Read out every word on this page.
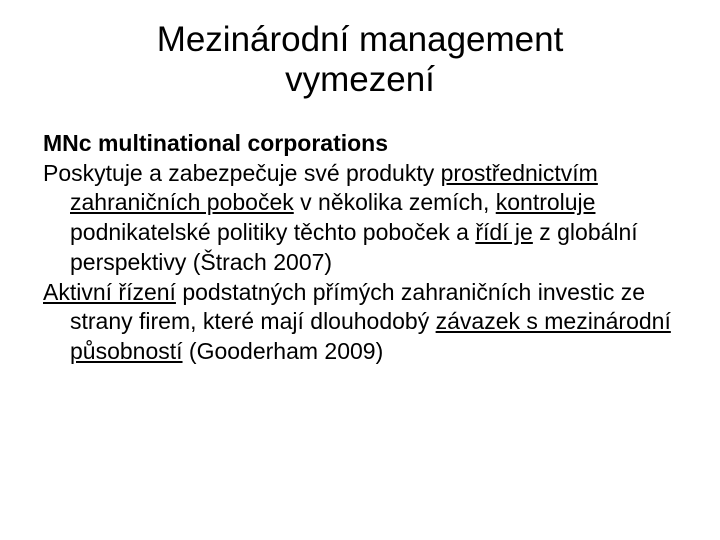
Mezinárodní management
vymezení

MNc multinational corporations

Poskytuje a zabezpečuje své produkty prostřednictvím zahraničních poboček v několika zemích, kontroluje podnikatelské politiky těchto poboček a řídí je z globální perspektivy (Štrach 2007)

Aktivní řízení podstatných přímých zahraničních investic ze strany firem, které mají dlouhodobý závazek s mezinárodní působností (Gooderham 2009)
